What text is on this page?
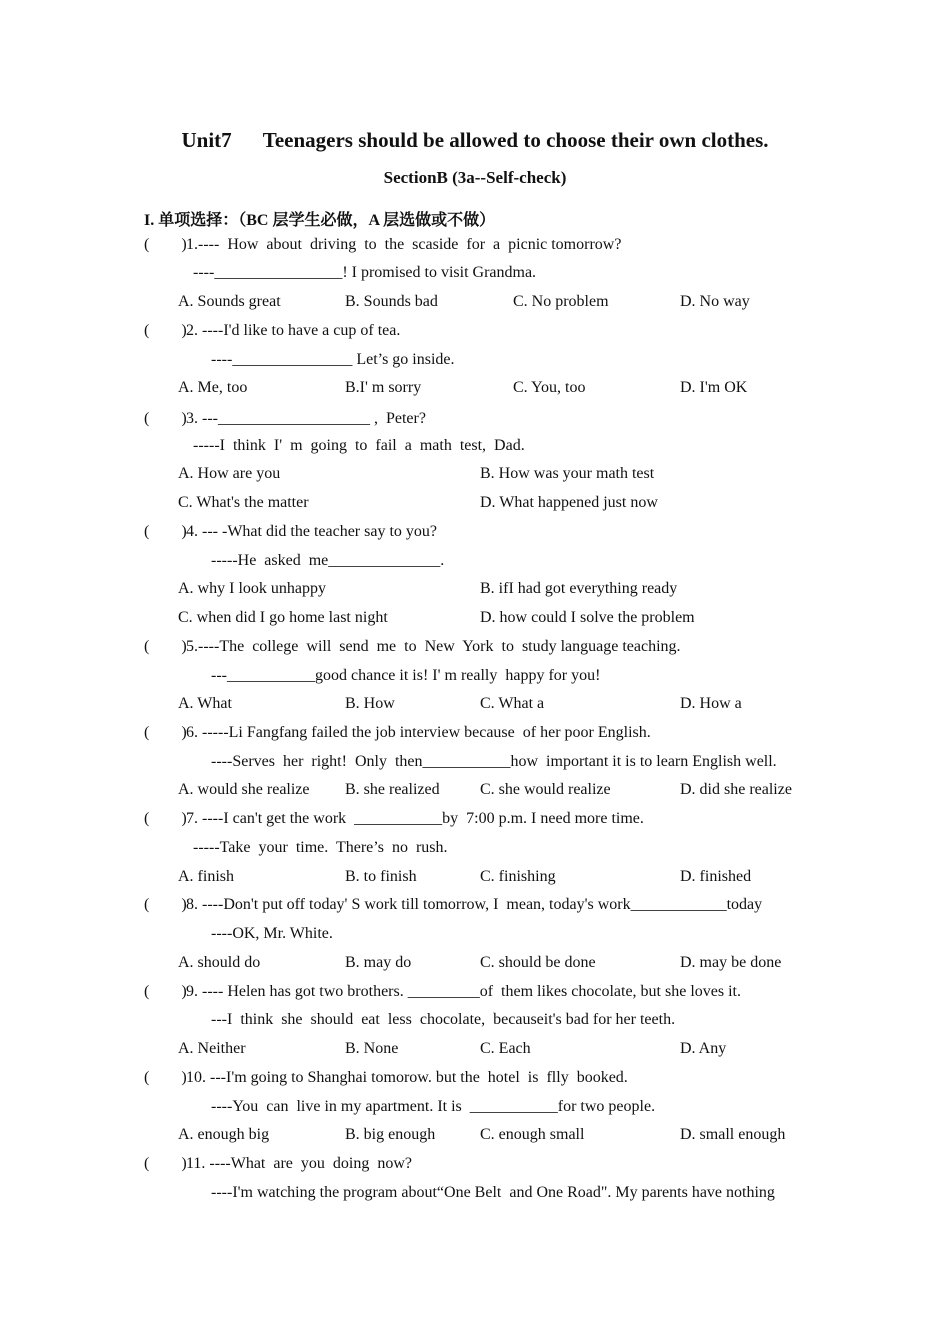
Unit7      Teenagers should be allowed to choose their own clothes.
SectionB (3a--Self-check)
I. 单项选择：（BC 层学生必做，A 层选做或不做）
(        ) 1.----  How  about  driving  to  the  scaside  for  a  picnic tomorrow?
----________________! I promised to visit Grandma.
A. Sounds great	B. Sounds bad	C. No problem	D. No way
(        ) 2. ----I'd like to have a cup of tea.
----_______________ Let’s go inside.
A. Me, too	B.I' m sorry	C. You, too	D. I'm OK
(        ) 3. ---___________________ ,  Peter?
-----I  think  I'  m  going  to  fail  a  math  test,  Dad.
A. How are you	B. How was your math test
C. What's the matter	D. What happened just now
(        ) 4. --- -What did the teacher say to you?
-----He  asked  me______________.
A. why I look unhappy	B. ifI had got everything ready
C. when did I go home last night	D. how could I solve the problem
(        ) 5.----The  college  will  send  me  to  New  York  to  study language teaching.
---___________good chance it is! I' m really  happy for you!
A. What	B. How	C. What a	D. How a
(        ) 6. -----Li Fangfang failed the job interview because  of her poor English.
----Serves  her  right!  Only  then___________how  important it is to learn English well.
A. would she realize B. she realized	C. she would realize	D. did she realize
(        ) 7. ----I can't get the work  ___________by  7:00 p.m. I need more time.
-----Take  your  time.  There’s  no  rush.
A. finish	B. to finish	C. finishing	D. finished
(        ) 8. ----Don't put off today' S work till tomorrow, I  mean, today's work____________today
----OK, Mr. White.
A. should do	B. may do	C. should be done	D. may be done
(        ) 9. ---- Helen has got two brothers. _________of  them likes chocolate, but she loves it.
---I  think  she  should  eat  less  chocolate,  becauseit's bad for her teeth.
A. Neither	B. None	C. Each	D. Any
(        ) 10. ---I'm going to Shanghai tomorow. but the  hotel  is  flly  booked.
----You  can  live in my apartment. It is  ___________for two people.
A. enough big	B. big enough	C. enough small	D. small enough
(        ) 11. ----What  are  you  doing  now?
----I'm watching the program about“One Belt  and One Road". My parents have nothing
